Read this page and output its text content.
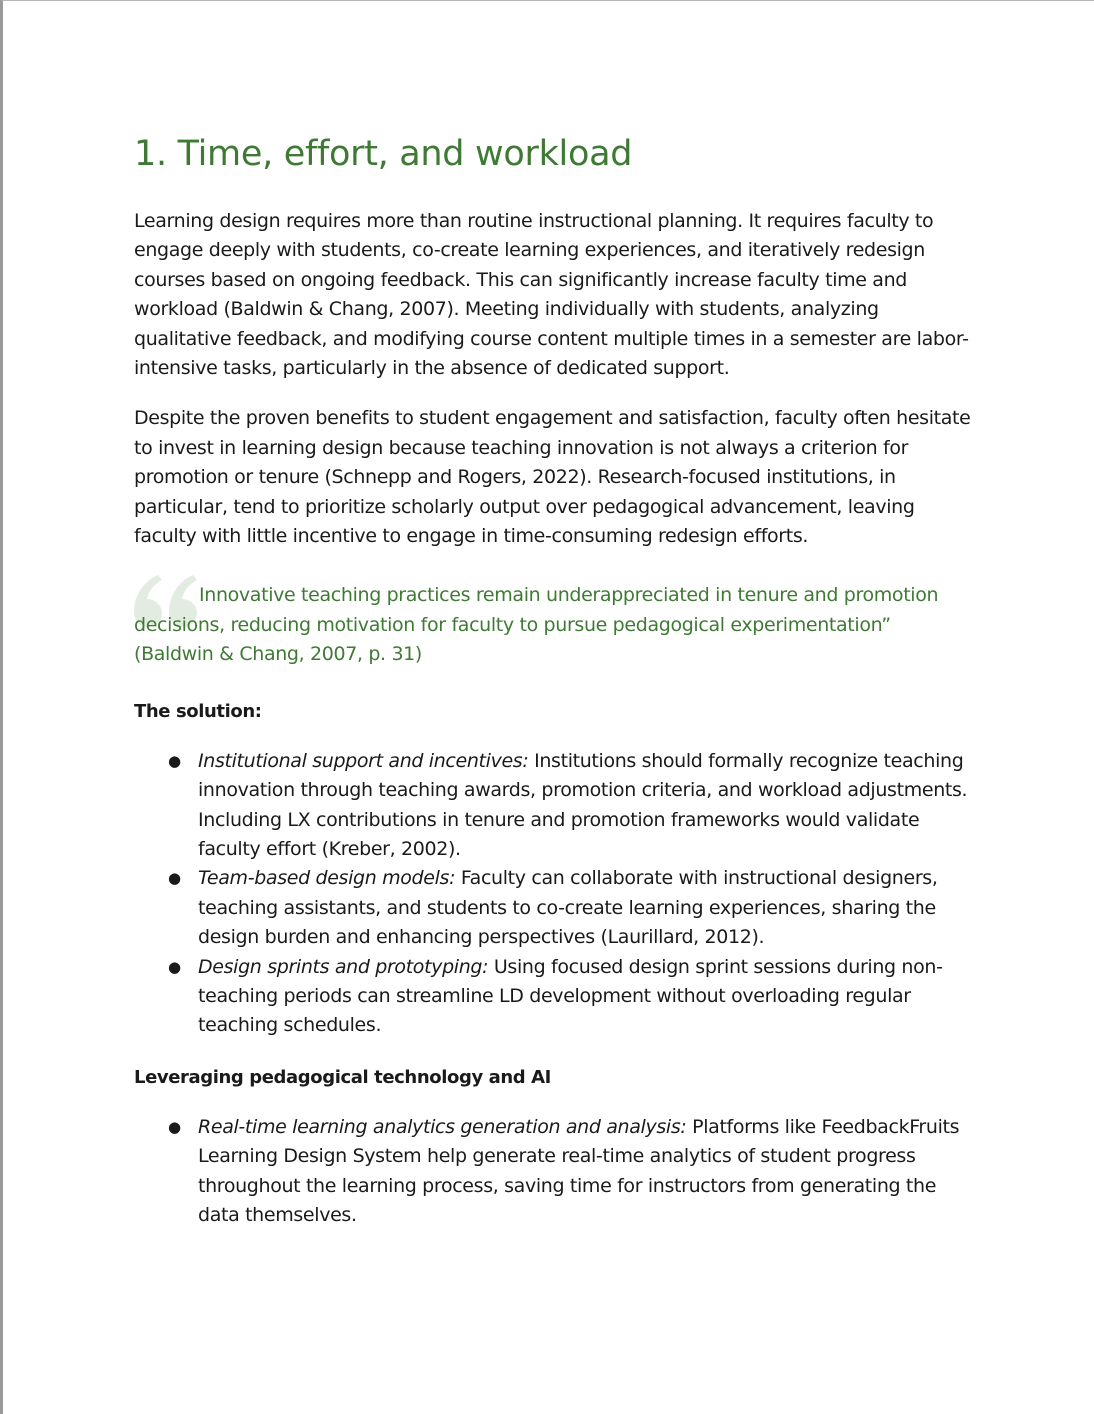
1. Time, effort, and workload

Learning design requires more than routine instructional planning. It requires faculty to engage deeply with students, co-create learning experiences, and iteratively redesign courses based on ongoing feedback. This can significantly increase faculty time and workload (Baldwin & Chang, 2007). Meeting individually with students, analyzing qualitative feedback, and modifying course content multiple times in a semester are labor-intensive tasks, particularly in the absence of dedicated support.

Despite the proven benefits to student engagement and satisfaction, faculty often hesitate to invest in learning design because teaching innovation is not always a criterion for promotion or tenure (Schnepp and Rogers, 2022). Research-focused institutions, in particular, tend to prioritize scholarly output over pedagogical advancement, leaving faculty with little incentive to engage in time-consuming redesign efforts.

Innovative teaching practices remain underappreciated in tenure and promotion decisions, reducing motivation for faculty to pursue pedagogical experimentation” (Baldwin & Chang, 2007, p. 31)
The solution:
● Institutional support and incentives: Institutions should formally recognize teaching innovation through teaching awards, promotion criteria, and workload adjustments. Including LX contributions in tenure and promotion frameworks would validate faculty effort (Kreber, 2002).
● Team-based design models: Faculty can collaborate with instructional designers, teaching assistants, and students to co-create learning experiences, sharing the design burden and enhancing perspectives (Laurillard, 2012).
● Design sprints and prototyping: Using focused design sprint sessions during non-teaching periods can streamline LD development without overloading regular teaching schedules.
Leveraging pedagogical technology and AI
● Real-time learning analytics generation and analysis: Platforms like FeedbackFruits Learning Design System help generate real-time analytics of student progress throughout the learning process, saving time for instructors from generating the data themselves.
